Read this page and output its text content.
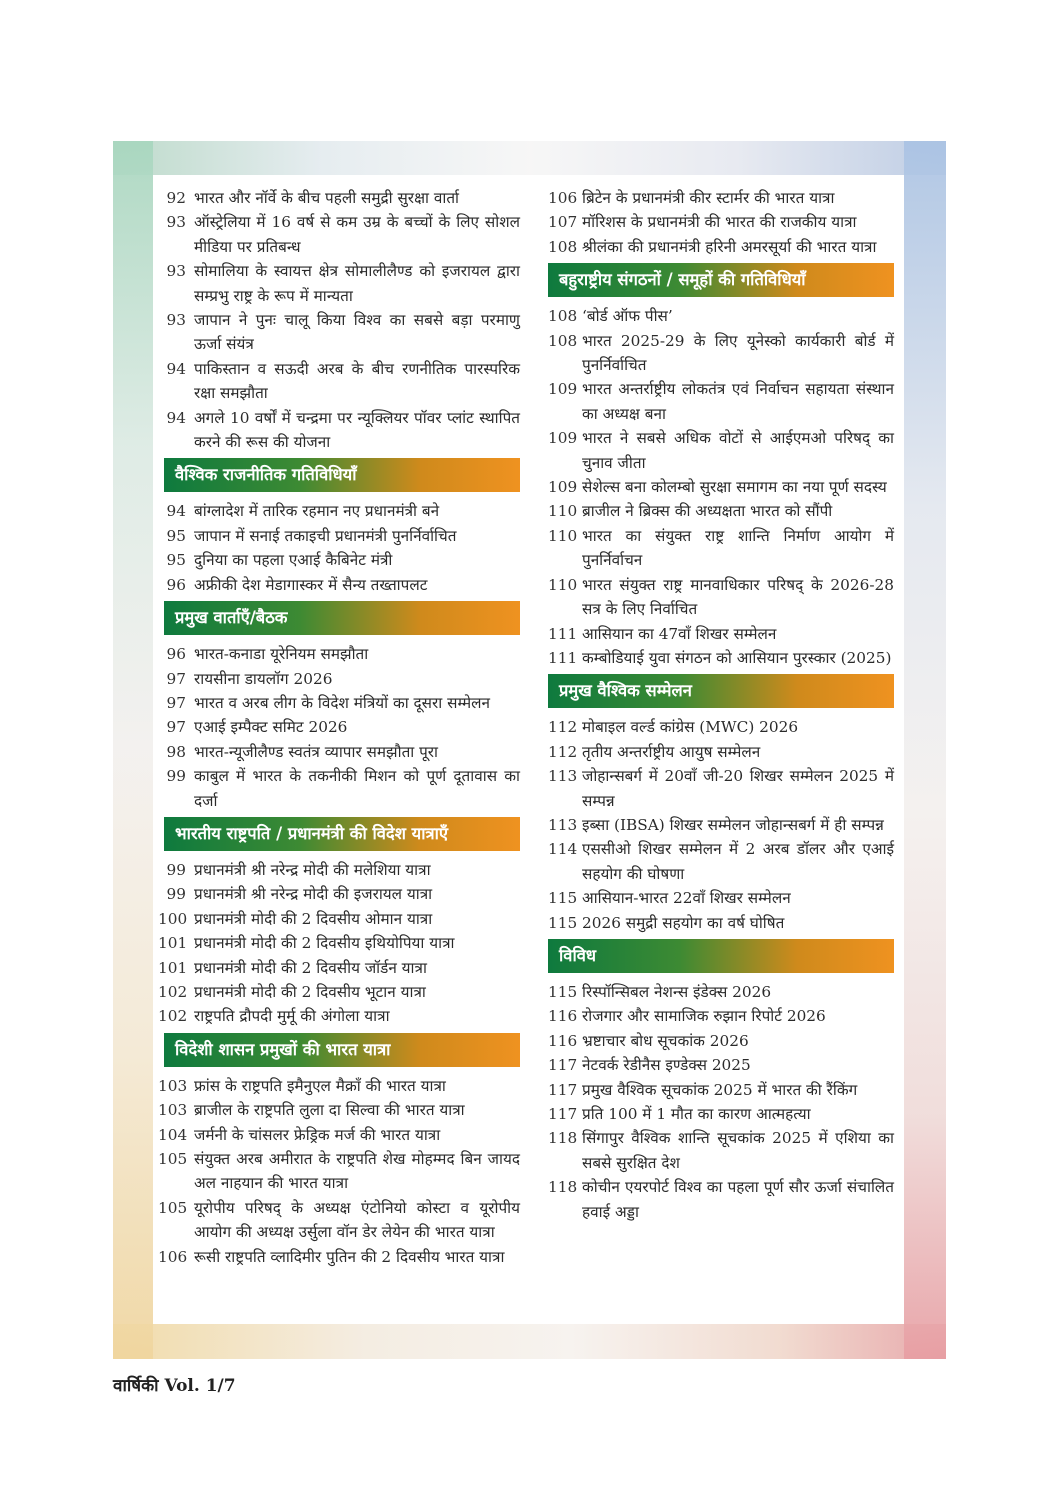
92 भारत और नॉर्वे के बीच पहली समुद्री सुरक्षा वार्ता
93 ऑस्ट्रेलिया में 16 वर्ष से कम उम्र के बच्चों के लिए सोशल मीडिया पर प्रतिबन्ध
93 सोमालिया के स्वायत्त क्षेत्र सोमालीलैण्ड को इजरायल द्वारा सम्प्रभु राष्ट्र के रूप में मान्यता
93 जापान ने पुनः चालू किया विश्व का सबसे बड़ा परमाणु ऊर्जा संयंत्र
94 पाकिस्तान व सऊदी अरब के बीच रणनीतिक पारस्परिक रक्षा समझौता
94 अगले 10 वर्षों में चन्द्रमा पर न्यूक्लियर पॉवर प्लांट स्थापित करने की रूस की योजना
वैश्विक राजनीतिक गतिविधियाँ
94 बांग्लादेश में तारिक रहमान नए प्रधानमंत्री बने
95 जापान में सनाई तकाइची प्रधानमंत्री पुनर्निर्वाचित
95 दुनिया का पहला एआई कैबिनेट मंत्री
96 अफ्रीकी देश मेडागास्कर में सैन्य तख्तापलट
प्रमुख वार्ताएँ/बैठक
96 भारत-कनाडा यूरेनियम समझौता
97 रायसीना डायलॉग 2026
97 भारत व अरब लीग के विदेश मंत्रियों का दूसरा सम्मेलन
97 एआई इम्पैक्ट समिट 2026
98 भारत-न्यूजीलैण्ड स्वतंत्र व्यापार समझौता पूरा
99 काबुल में भारत के तकनीकी मिशन को पूर्ण दूतावास का दर्जा
भारतीय राष्ट्रपति / प्रधानमंत्री की विदेश यात्राएँ
99 प्रधानमंत्री श्री नरेन्द्र मोदी की मलेशिया यात्रा
99 प्रधानमंत्री श्री नरेन्द्र मोदी की इजरायल यात्रा
100 प्रधानमंत्री मोदी की 2 दिवसीय ओमान यात्रा
101 प्रधानमंत्री मोदी की 2 दिवसीय इथियोपिया यात्रा
101 प्रधानमंत्री मोदी की 2 दिवसीय जॉर्डन यात्रा
102 प्रधानमंत्री मोदी की 2 दिवसीय भूटान यात्रा
102 राष्ट्रपति द्रौपदी मुर्मू की अंगोला यात्रा
विदेशी शासन प्रमुखों की भारत यात्रा
103 फ्रांस के राष्ट्रपति इमैनुएल मैक्रॉं की भारत यात्रा
103 ब्राजील के राष्ट्रपति लुला दा सिल्वा की भारत यात्रा
104 जर्मनी के चांसलर फ्रेड्रिक मर्ज की भारत यात्रा
105 संयुक्त अरब अमीरात के राष्ट्रपति शेख मोहम्मद बिन जायद अल नाहयान की भारत यात्रा
105 यूरोपीय परिषद् के अध्यक्ष एंटोनियो कोस्टा व यूरोपीय आयोग की अध्यक्ष उर्सुला वॉन डेर लेयेन की भारत यात्रा
106 रूसी राष्ट्रपति व्लादिमीर पुतिन की 2 दिवसीय भारत यात्रा
106 ब्रिटेन के प्रधानमंत्री कीर स्टार्मर की भारत यात्रा
107 मॉरिशस के प्रधानमंत्री की भारत की राजकीय यात्रा
108 श्रीलंका की प्रधानमंत्री हरिनी अमरसूर्या की भारत यात्रा
बहुराष्ट्रीय संगठनों / समूहों की गतिविधियाँ
108 ‘बोर्ड ऑफ पीस’
108 भारत 2025-29 के लिए यूनेस्को कार्यकारी बोर्ड में पुनर्निर्वाचित
109 भारत अन्तर्राष्ट्रीय लोकतंत्र एवं निर्वाचन सहायता संस्थान का अध्यक्ष बना
109 भारत ने सबसे अधिक वोटों से आईएमओ परिषद् का चुनाव जीता
109 सेशेल्स बना कोलम्बो सुरक्षा समागम का नया पूर्ण सदस्य
110 ब्राजील ने ब्रिक्स की अध्यक्षता भारत को सौंपी
110 भारत का संयुक्त राष्ट्र शान्ति निर्माण आयोग में पुनर्निर्वाचन
110 भारत संयुक्त राष्ट्र मानवाधिकार परिषद् के 2026-28 सत्र के लिए निर्वाचित
111 आसियान का 47वाँ शिखर सम्मेलन
111 कम्बोडियाई युवा संगठन को आसियान पुरस्कार (2025)
प्रमुख वैश्विक सम्मेलन
112 मोबाइल वर्ल्ड कांग्रेस (MWC) 2026
112 तृतीय अन्तर्राष्ट्रीय आयुष सम्मेलन
113 जोहान्सबर्ग में 20वाँ जी-20 शिखर सम्मेलन 2025 में सम्पन्न
113 इब्सा (IBSA) शिखर सम्मेलन जोहान्सबर्ग में ही सम्पन्न
114 एससीओ शिखर सम्मेलन में 2 अरब डॉलर और एआई सहयोग की घोषणा
115 आसियान-भारत 22वाँ शिखर सम्मेलन
115 2026 समुद्री सहयोग का वर्ष घोषित
विविध
115 रिस्पॉन्सिबल नेशन्स इंडेक्स 2026
116 रोजगार और सामाजिक रुझान रिपोर्ट 2026
116 भ्रष्टाचार बोध सूचकांक 2026
117 नेटवर्क रेडीनैस इण्डेक्स 2025
117 प्रमुख वैश्विक सूचकांक 2025 में भारत की रैंकिंग
117 प्रति 100 में 1 मौत का कारण आत्महत्या
118 सिंगापुर वैश्विक शान्ति सूचकांक 2025 में एशिया का सबसे सुरक्षित देश
118 कोचीन एयरपोर्ट विश्व का पहला पूर्ण सौर ऊर्जा संचालित हवाई अड्डा
वार्षिकी Vol. 1/7
